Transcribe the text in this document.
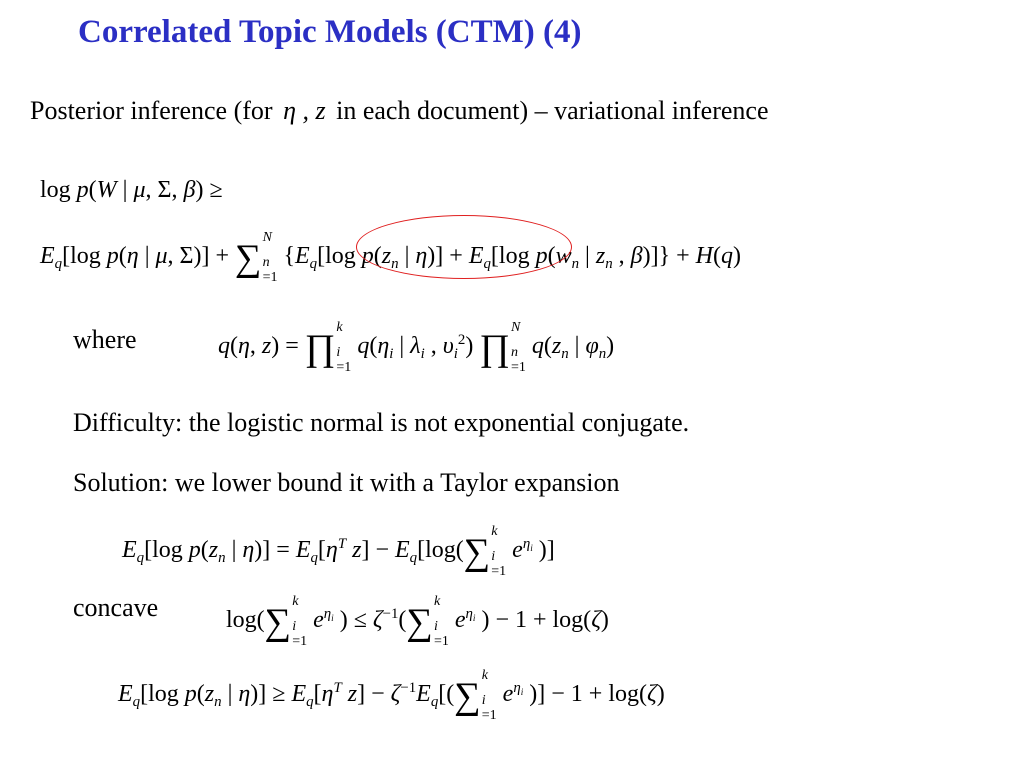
Correlated Topic Models (CTM) (4)
Posterior inference (for η , z in each document) – variational inference
log p(W | μ, Σ, β) ≥
$E_q[\log$ p(η | μ, Σ)] + ∑
N
n
=1
{$E_q[\log$ $p(z_n$ | $\eta)] + E_q[\log$ $p(w_n$ | $z_n$ , β)]} + H(q)
where	q(η, z) = ∏
k
i
=1
$q(\eta_i$ | $\lambda_i$ , $\upsilon_i^2$) ∏
N
n
=1
$q(z_n$ | $\varphi_n$)
Difficulty: the logistic normal is not exponential conjugate.
Solution: we lower bound it with a Taylor expansion
$E_q[\log$ $p(z_n$ | $\eta)] = E_q[\eta^T$ $z] - E_q[\log(\sum$
k
i
=1
$e^{\eta_i}$ )]
concave	log(∑
k
i
=1
$e^{\eta_i}$ ) ≤ $\zeta^{-1}(\sum$
k
i
=1
$e^{\eta_i}$ ) − 1 + log(ζ)
$E_q[\log$ $p(z_n$ | $\eta)] \ge E_q[\eta^T$ $z] - \zeta^{-1}E_q[(\sum$
k
i
=1
$e^{\eta_i}$ )] − 1 + log(ζ)
